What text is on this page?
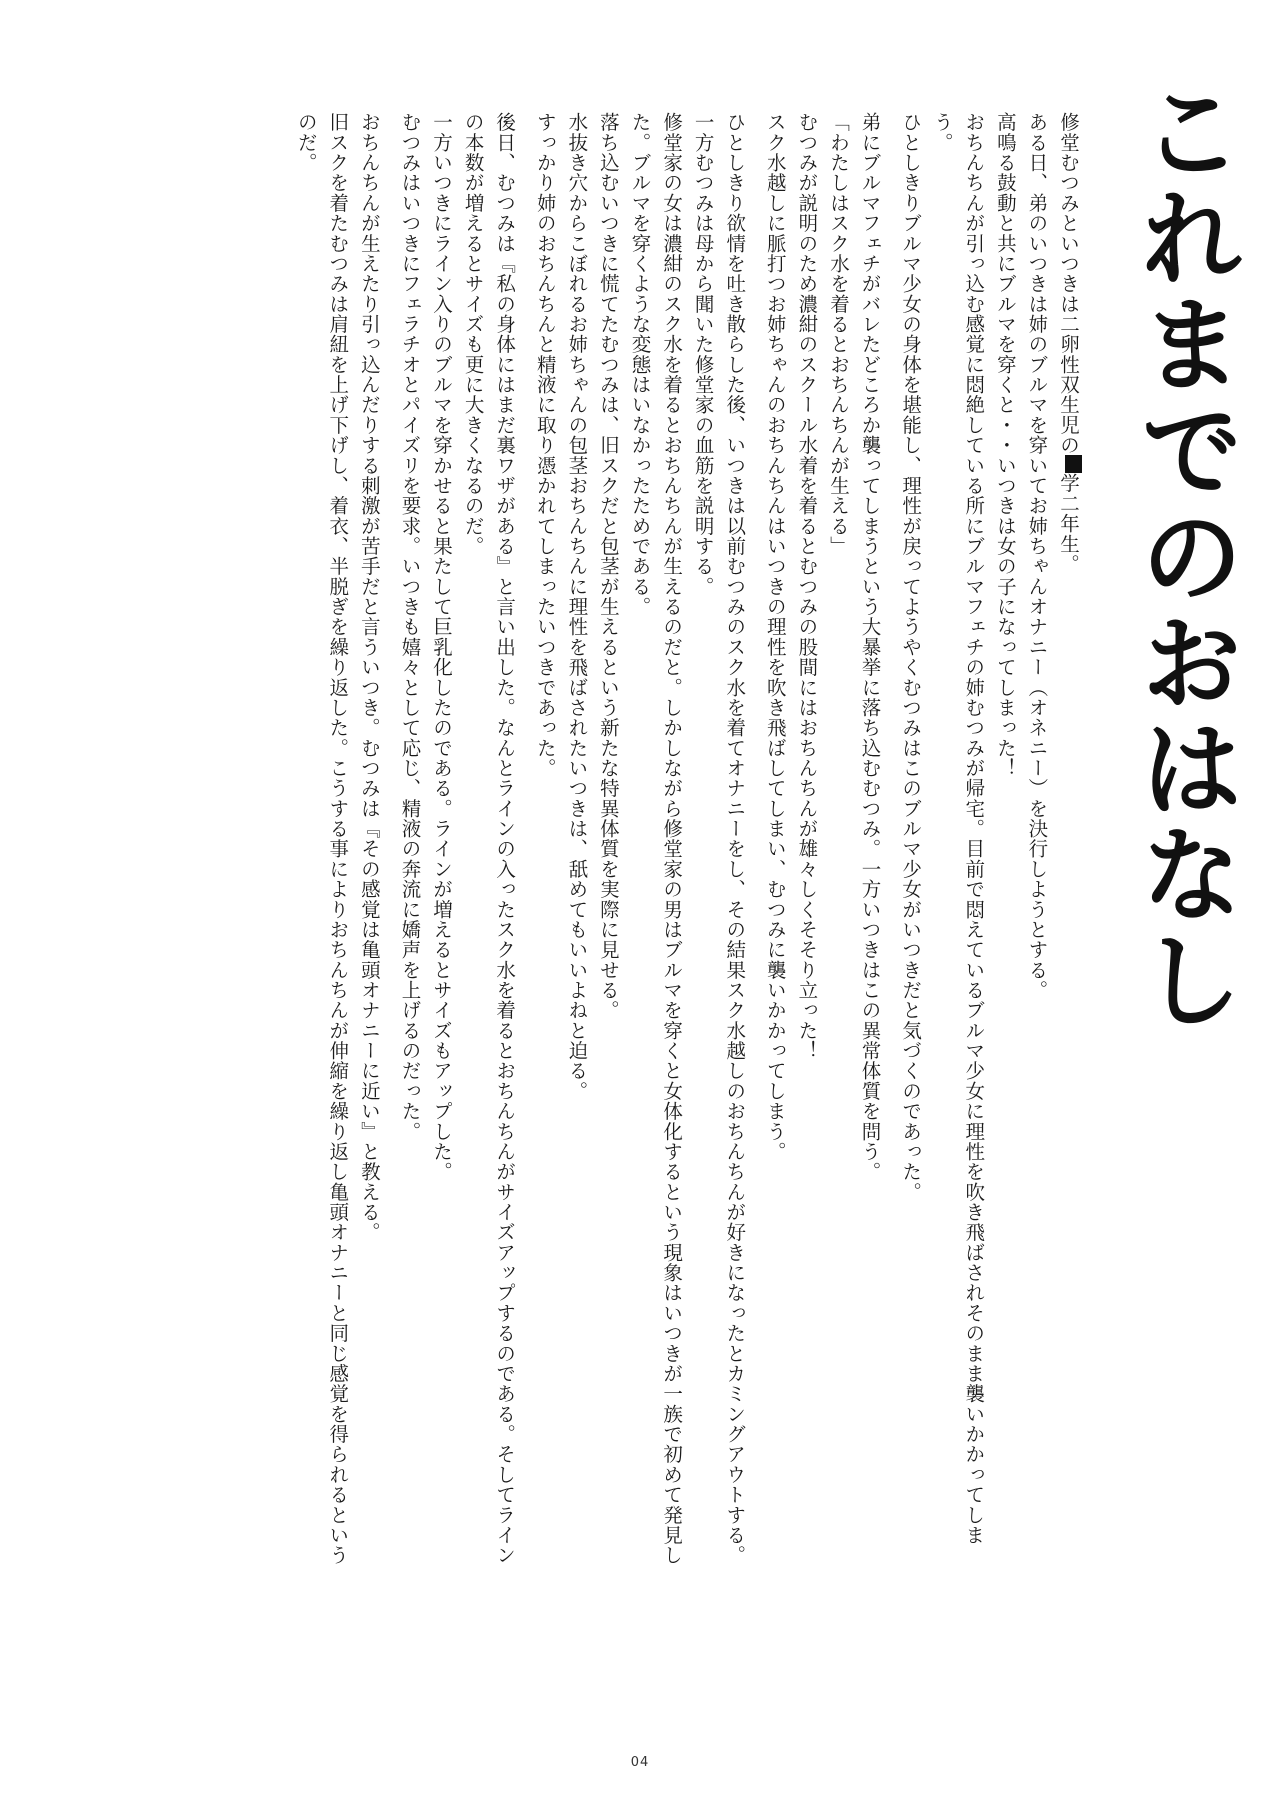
これまでのおはなし
修堂むつみといつきは二卵性双生児の学二年生。
ある日、弟のいつきは姉のブルマを穿いてお姉ちゃんオナニー（オネニー）を決行しようとする。
高鳴る鼓動と共にブルマを穿くと・・いつきは女の子になってしまった！
おちんちんが引っ込む感覚に悶絶している所にブルマフェチの姉むつみが帰宅。目前で悶えているブルマ少女に理性を吹き飛ばされそのまま襲いかかってしまう。
ひとしきりブルマ少女の身体を堪能し、理性が戻ってようやくむつみはこのブルマ少女がいつきだと気づくのであった。
弟にブルマフェチがバレたどころか襲ってしまうという大暴挙に落ち込むむつみ。一方いつきはこの異常体質を問う。
「わたしはスク水を着るとおちんちんが生える」
むつみが説明のため濃紺のスクール水着を着るとむつみの股間にはおちんちんが雄々しくそそり立った！
スク水越しに脈打つお姉ちゃんのおちんちんはいつきの理性を吹き飛ばしてしまい、むつみに襲いかかってしまう。
ひとしきり欲情を吐き散らした後、いつきは以前むつみのスク水を着てオナニーをし、その結果スク水越しのおちんちんが好きになったとカミングアウトする。
一方むつみは母から聞いた修堂家の血筋を説明する。
修堂家の女は濃紺のスク水を着るとおちんちんが生えるのだと。しかしながら修堂家の男はブルマを穿くと女体化するという現象はいつきが一族で初めて発見した。ブルマを穿くような変態はいなかったためである。
落ち込むいつきに慌てたむつみは、旧スクだと包茎が生えるという新たな特異体質を実際に見せる。
水抜き穴からこぼれるお姉ちゃんの包茎おちんちんに理性を飛ばされたいつきは、舐めてもいいよねと迫る。
すっかり姉のおちんちんと精液に取り憑かれてしまったいつきであった。
後日、むつみは『私の身体にはまだ裏ワザがある』と言い出した。なんとラインの入ったスク水を着るとおちんちんがサイズアップするのである。そしてラインの本数が増えるとサイズも更に大きくなるのだ。
一方いつきにライン入りのブルマを穿かせると果たして巨乳化したのである。ラインが増えるとサイズもアップした。
むつみはいつきにフェラチオとパイズリを要求。いつきも嬉々として応じ、精液の奔流に嬌声を上げるのだった。
おちんちんが生えたり引っ込んだりする刺激が苦手だと言ういつき。むつみは『その感覚は亀頭オナニーに近い』と教える。
旧スクを着たむつみは肩紐を上げ下げし、着衣、半脱ぎを繰り返した。こうする事によりおちんちんが伸縮を繰り返し亀頭オナニーと同じ感覚を得られるというのだ。
04
